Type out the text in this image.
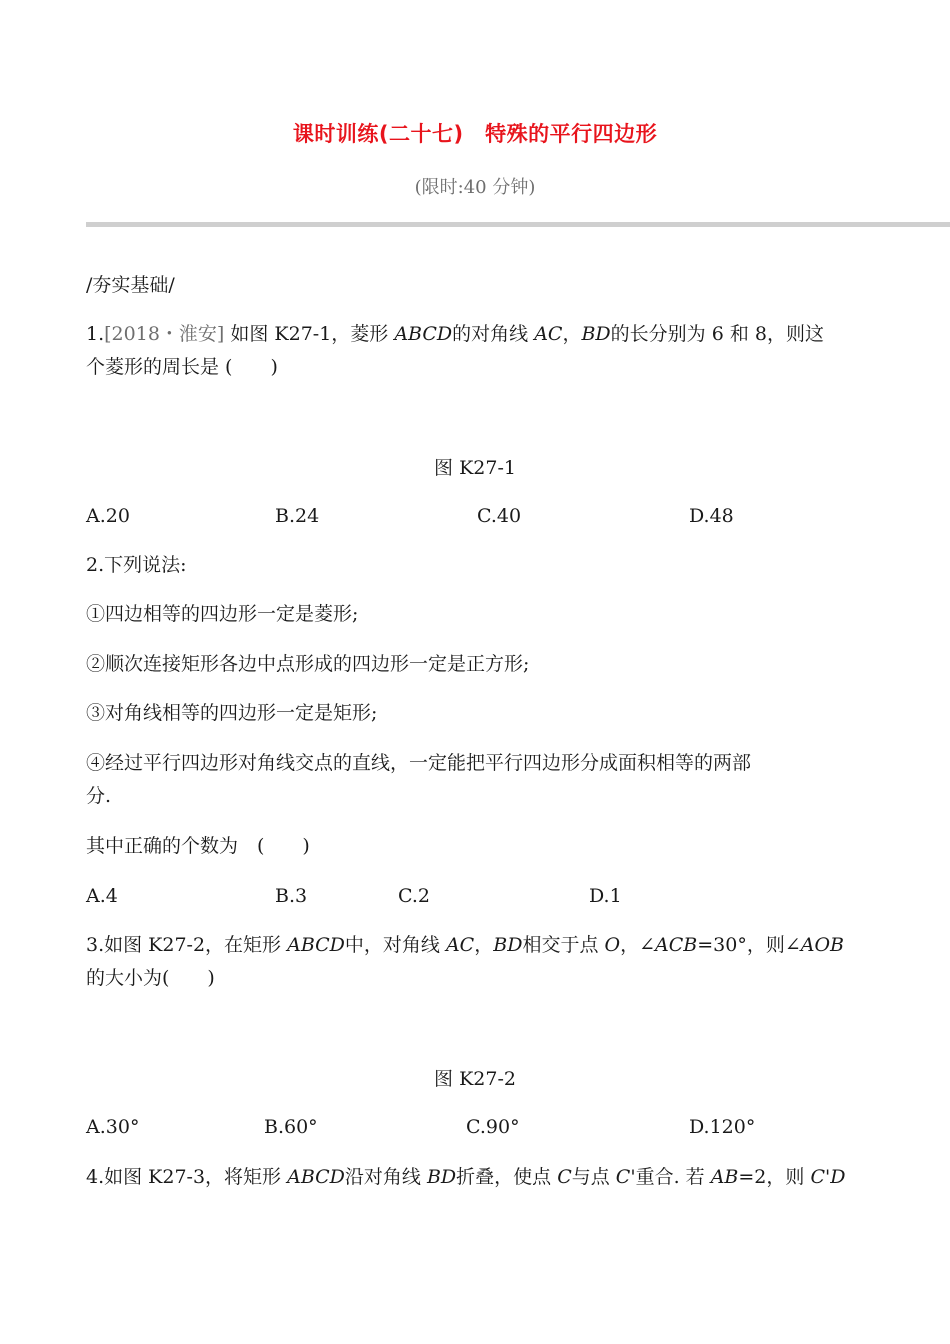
课时训练(二十七)　特殊的平行四边形
(限时:40 分钟)
/夯实基础/
1.[2018・淮安] 如图 K27-1，菱形 ABCD的对角线 AC，BD的长分别为 6 和 8，则这
个菱形的周长是 (　　)
图 K27-1
A.20	B.24	C.40	D.48
2.下列说法:
①四边相等的四边形一定是菱形;
②顺次连接矩形各边中点形成的四边形一定是正方形;
③对角线相等的四边形一定是矩形;
④经过平行四边形对角线交点的直线，一定能把平行四边形分成面积相等的两部
分.
其中正确的个数为　(　　)
A.4	B.3	C.2	D.1
3.如图 K27-2，在矩形 ABCD中，对角线 AC，BD相交于点 O，∠ACB=30°，则∠AOB
的大小为(　　)
图 K27-2
A.30°	B.60°	C.90°	D.120°
4.如图 K27-3，将矩形 ABCD沿对角线 BD折叠，使点 C与点 C'重合. 若 AB=2，则 C'D
